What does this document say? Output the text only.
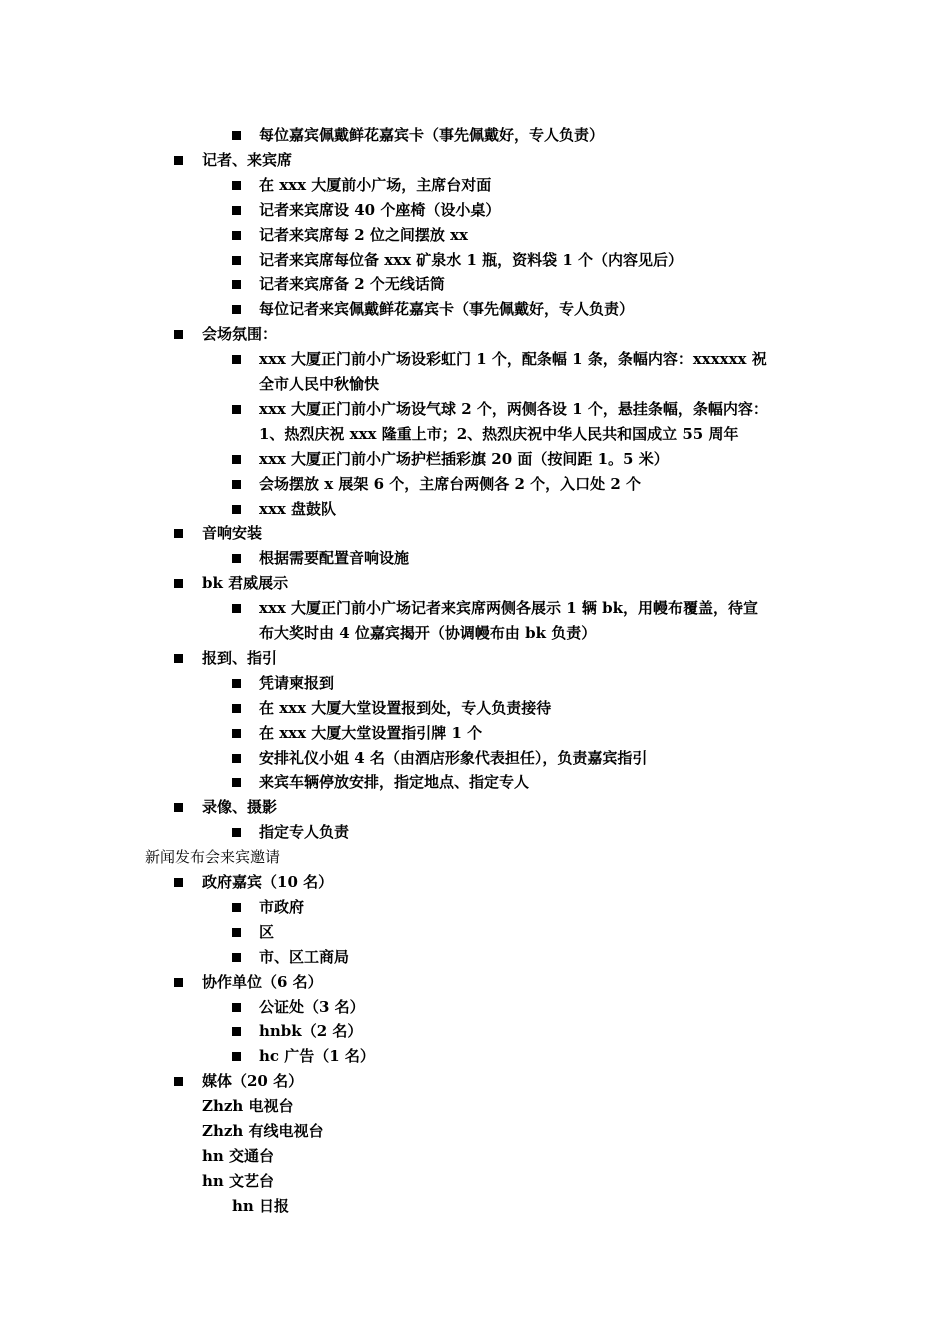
每位嘉宾佩戴鲜花嘉宾卡（事先佩戴好，专人负责）
记者、来宾席
在 xxx 大厦前小广场，主席台对面
记者来宾席设 40 个座椅（设小桌）
记者来宾席每 2 位之间摆放 xx
记者来宾席每位备 xxx 矿泉水 1 瓶，资料袋 1 个（内容见后）
记者来宾席备 2 个无线话筒
每位记者来宾佩戴鲜花嘉宾卡（事先佩戴好，专人负责）
会场氛围：
xxx 大厦正门前小广场设彩虹门 1 个，配条幅 1 条，条幅内容：xxxxxx 祝
全市人民中秋愉快
xxx 大厦正门前小广场设气球 2 个，两侧各设 1 个，悬挂条幅，条幅内容：
1、热烈庆祝 xxx 隆重上市；2、热烈庆祝中华人民共和国成立 55 周年
xxx 大厦正门前小广场护栏插彩旗 20 面（按间距 1。5 米）
会场摆放 x 展架 6 个，主席台两侧各 2 个，入口处 2 个
xxx 盘鼓队
音响安装
根据需要配置音响设施
bk 君威展示
xxx 大厦正门前小广场记者来宾席两侧各展示 1 辆 bk，用幔布覆盖，待宣
布大奖时由 4 位嘉宾揭开（协调幔布由 bk 负责）
报到、指引
凭请柬报到
在 xxx 大厦大堂设置报到处，专人负责接待
在 xxx 大厦大堂设置指引牌 1 个
安排礼仪小姐 4 名（由酒店形象代表担任），负责嘉宾指引
来宾车辆停放安排，指定地点、指定专人
录像、摄影
指定专人负责
新闻发布会来宾邀请
政府嘉宾（10 名）
市政府
区
市、区工商局
协作单位（6 名）
公证处（3 名）
hnbk（2 名）
hc 广告（1 名）
媒体（20 名）
Zhzh 电视台
Zhzh 有线电视台
hn 交通台
hn 文艺台
hn 日报
